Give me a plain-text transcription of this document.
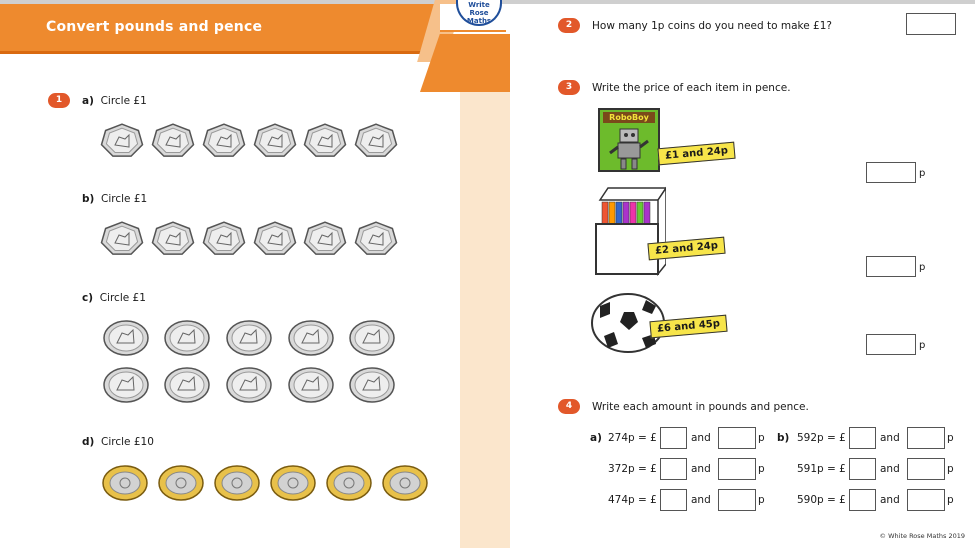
Convert pounds and pence
Write
Rose
Maths
1	a) Circle £1
b) Circle £1
c) Circle £1
d) Circle £10
2	How many 1p coins do you need to make £1?
3	Write the price of each item in pence.
RoboBoy
£1 and 24p
p
£2 and 24p
p
£6 and 45p
p
4	Write each amount in pounds and pence.
a)	b)
274p = £	and	p	592p = £	and	p
372p = £	and	p	591p = £	and	p
474p = £	and	p	590p = £	and	p
© White Rose Maths 2019
